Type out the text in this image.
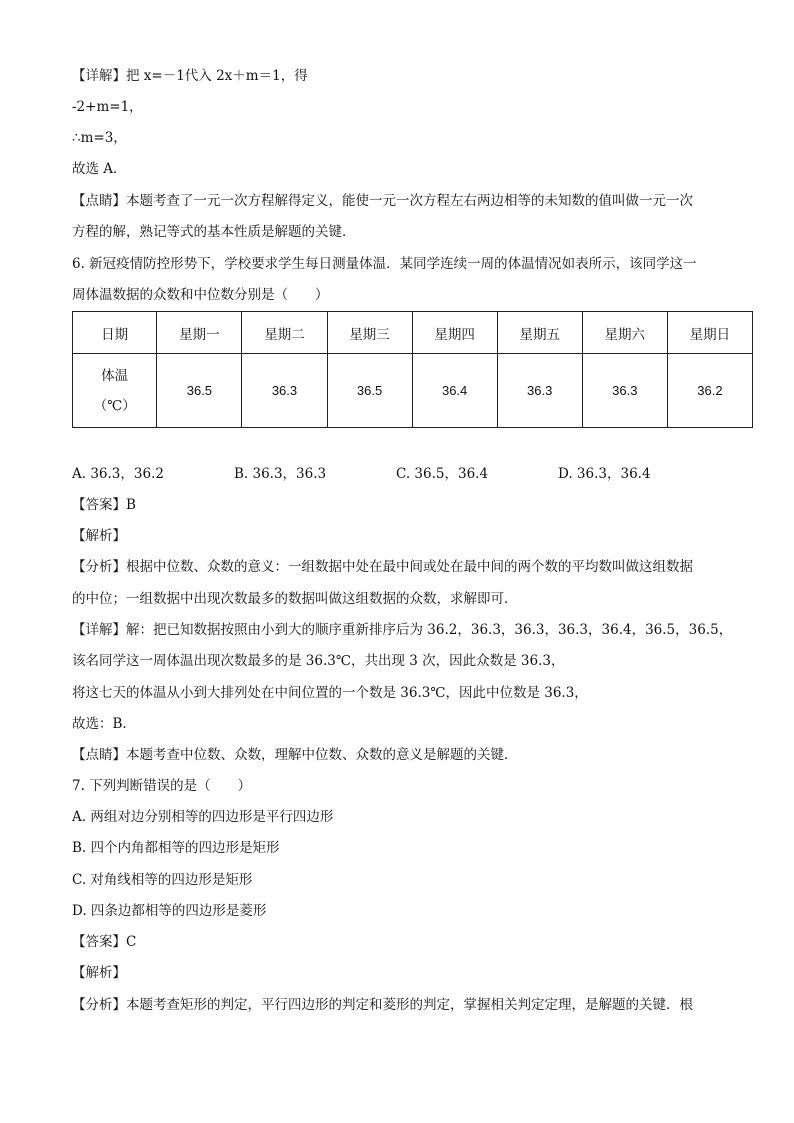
【详解】把 x=－1代入 2x＋m＝1，得
-2+m=1，
∴m=3，
故选 A．
【点睛】本题考查了一元一次方程解得定义，能使一元一次方程左右两边相等的未知数的值叫做一元一次
方程的解，熟记等式的基本性质是解题的关键．
6. 新冠疫情防控形势下，学校要求学生每日测量体温．某同学连续一周的体温情况如表所示，该同学这一
周体温数据的众数和中位数分别是（　　）
日期	星期一	星期二	星期三	星期四	星期五	星期六	星期日

体温
（℃）	36.5	36.3	36.5	36.4	36.3	36.3	36.2
A. 36.3，36.2	B. 36.3，36.3	C. 36.5，36.4	D. 36.3，36.4
【答案】B
【解析】
【分析】根据中位数、众数的意义：一组数据中处在最中间或处在最中间的两个数的平均数叫做这组数据
的中位；一组数据中出现次数最多的数据叫做这组数据的众数，求解即可．
【详解】解：把已知数据按照由小到大的顺序重新排序后为 36.2，36.3，36.3，36.3，36.4，36.5，36.5，
该名同学这一周体温出现次数最多的是 36.3℃，共出现 3 次，因此众数是 36.3，
将这七天的体温从小到大排列处在中间位置的一个数是 36.3℃，因此中位数是 36.3，
故选：B．
【点睛】本题考查中位数、众数，理解中位数、众数的意义是解题的关键．
7. 下列判断错误的是（　　）
A. 两组对边分别相等的四边形是平行四边形
B. 四个内角都相等的四边形是矩形
C. 对角线相等的四边形是矩形
D. 四条边都相等的四边形是菱形
【答案】C
【解析】
【分析】本题考查矩形的判定，平行四边形的判定和菱形的判定，掌握相关判定定理，是解题的关键．根
